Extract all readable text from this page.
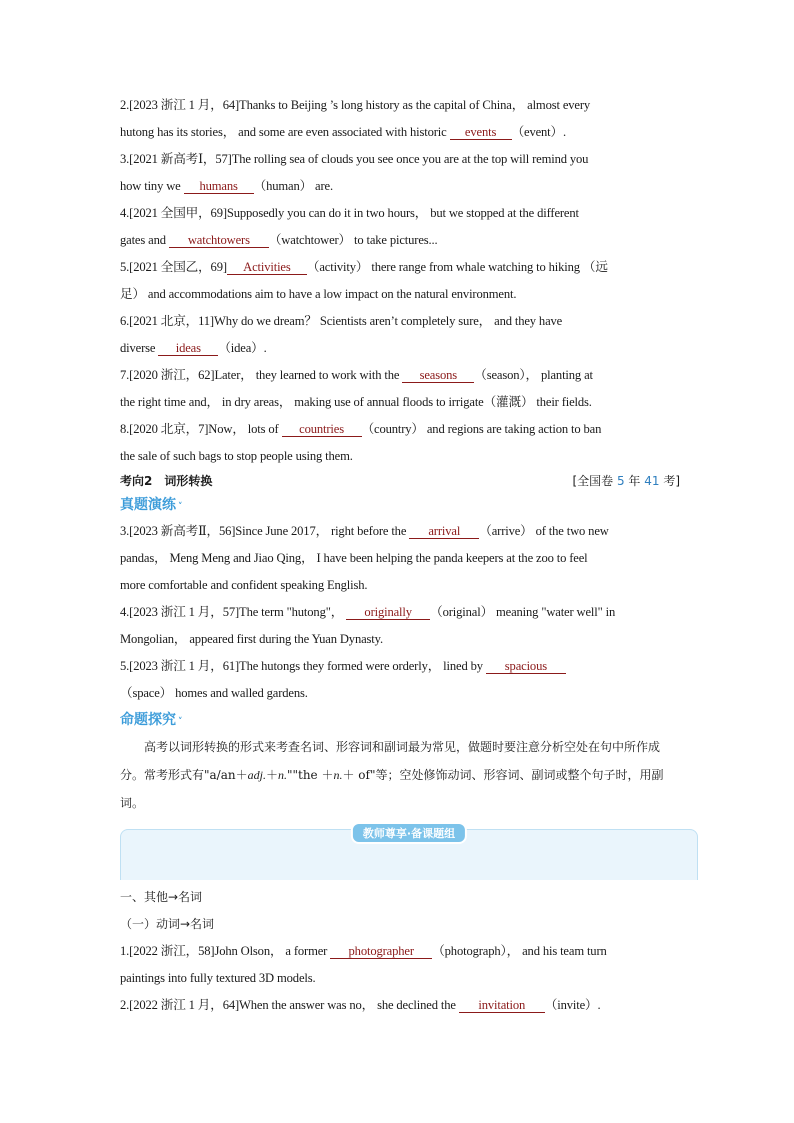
2.[2023 浙江 1 月，64]Thanks to Beijing ’s long history as the capital of China， almost every
hutong has its stories， and some are even associated with historic events （event）.
3.[2021 新高考Ⅰ，57]The rolling sea of clouds you see once you are at the top will remind you
how tiny we humans （human） are.
4.[2021 全国甲，69]Supposedly you can do it in two hours， but we stopped at the different
gates and watchtowers （watchtower） to take pictures...
5.[2021 全国乙，69] Activities （activity） there range from whale watching to hiking （远
足） and accommodations aim to have a low impact on the natural environment.
6.[2021 北京，11]Why do we dream？ Scientists aren’t completely sure， and they have
diverse ideas （idea）.
7.[2020 浙江，62]Later， they learned to work with the seasons （season）， planting at
the right time and， in dry areas， making use of annual floods to irrigate（灌溉） their fields.
8.[2020 北京，7]Now， lots of countries （country） and regions are taking action to ban
the sale of such bags to stop people using them.
考向2　词形转换	[全国卷 5 年 41 考]
真题演练 ˅
3.[2023 新高考Ⅱ，56]Since June 2017， right before the arrival （arrive） of the two new
pandas， Meng Meng and Jiao Qing， I have been helping the panda keepers at the zoo to feel
more comfortable and confident speaking English.
4.[2023 浙江 1 月，57]The term "hutong"， originally （original） meaning "water well" in
Mongolian， appeared first during the Yuan Dynasty.
5.[2023 浙江 1 月，61]The hutongs they formed were orderly， lined by spacious
（space） homes and walled gardens.
命题探究 ˅
高考以词形转换的形式来考查名词、形容词和副词最为常见，做题时要注意分析空处在句中所作成分。常考形式有"a/an＋adj.＋n.""the ＋n.＋ of"等；空处修饰动词、形容词、副词或整个句子时，用副词。
教师尊享·备课题组
一、其他→名词
（一）动词→名词
1.[2022 浙江，58]John Olson， a former photographer （photograph）， and his team turn
paintings into fully textured 3D models.
2.[2022 浙江 1 月，64]When the answer was no， she declined the invitation （invite）.
